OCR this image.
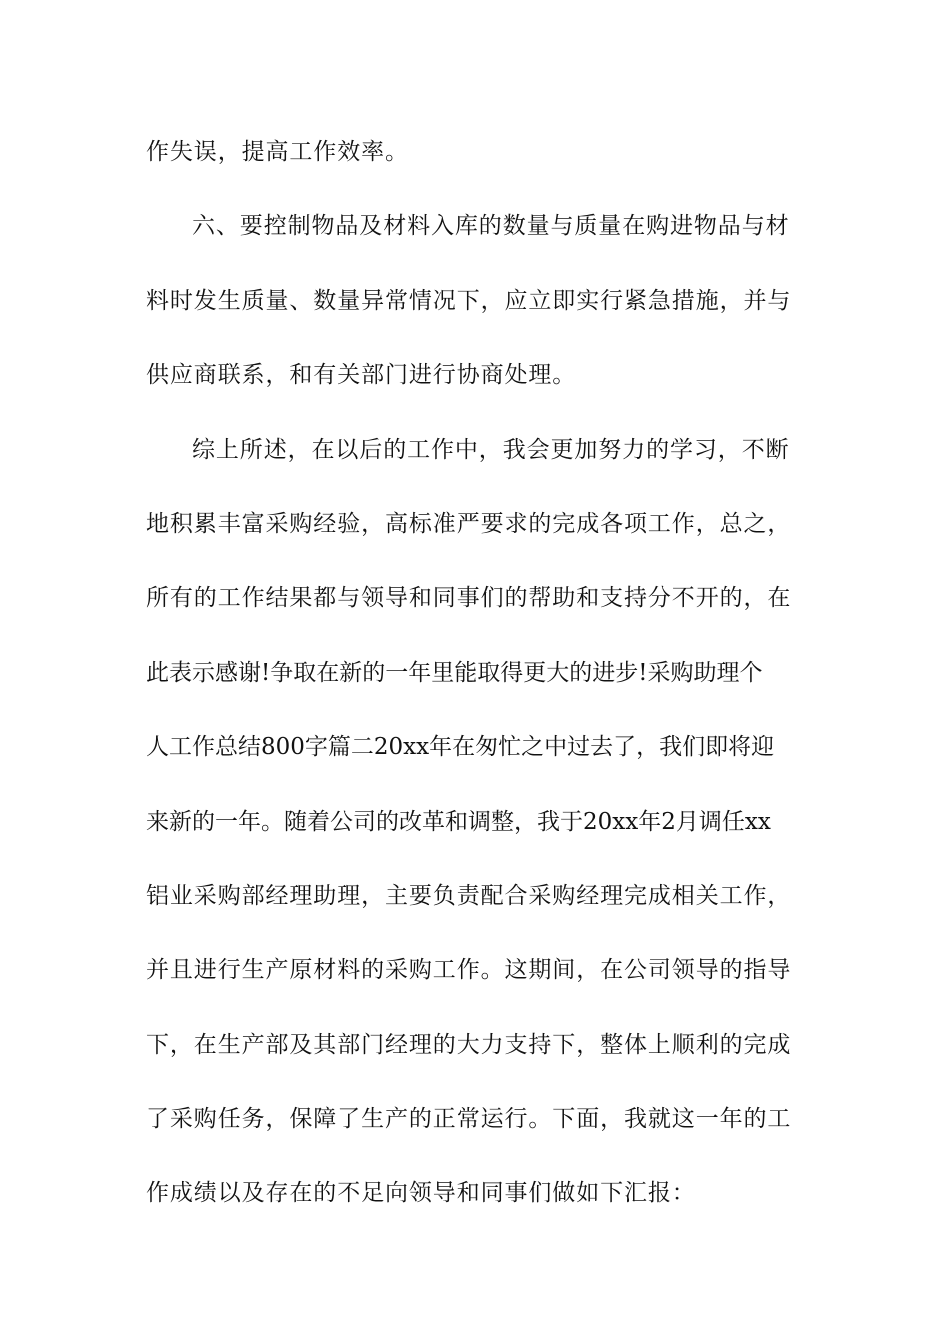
作失误，提高工作效率。
六、要控制物品及材料入库的数量与质量在购进物品与材
料时发生质量、数量异常情况下，应立即实行紧急措施，并与
供应商联系，和有关部门进行协商处理。
综上所述，在以后的工作中，我会更加努力的学习，不断
地积累丰富采购经验，高标准严要求的完成各项工作，总之，
所有的工作结果都与领导和同事们的帮助和支持分不开的，在
此表示感谢!争取在新的一年里能取得更大的进步!采购助理个
人工作总结800字篇二20xx年在匆忙之中过去了，我们即将迎
来新的一年。随着公司的改革和调整，我于20xx年2月调任xx
铝业采购部经理助理，主要负责配合采购经理完成相关工作，
并且进行生产原材料的采购工作。这期间，在公司领导的指导
下，在生产部及其部门经理的大力支持下，整体上顺利的完成
了采购任务，保障了生产的正常运行。下面，我就这一年的工
作成绩以及存在的不足向领导和同事们做如下汇报：
